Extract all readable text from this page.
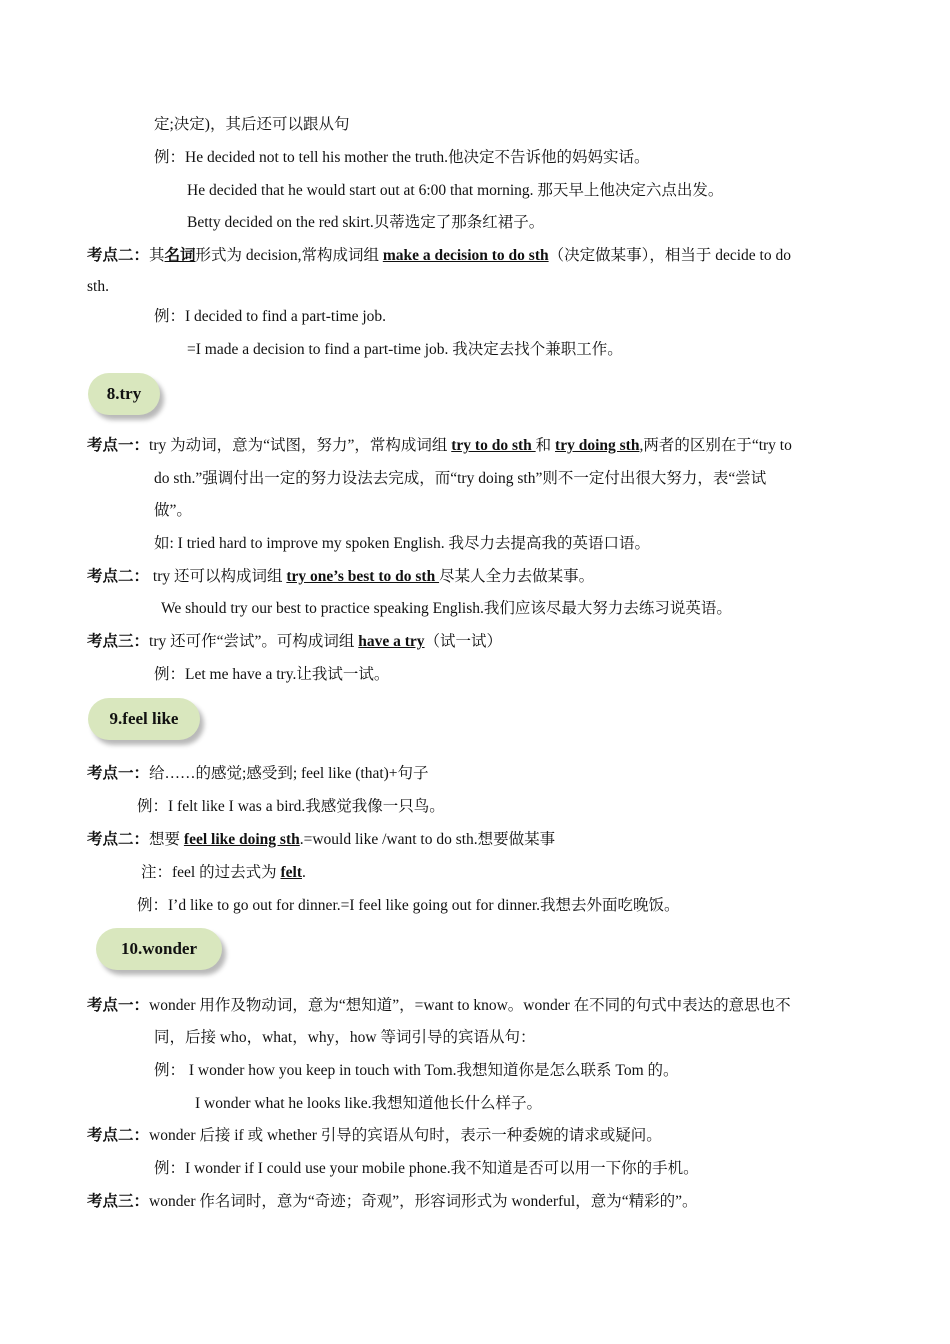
定;决定)，其后还可以跟从句
例：He decided not to tell his mother the truth.他决定不告诉他的妈妈实话。
He decided that he would start out at 6:00 that morning. 那天早上他决定六点出发。
Betty decided on the red skirt.贝蒂选定了那条红裙子。
考点二：其名词形式为 decision,常构成词组 make a decision to do sth（决定做某事），相当于 decide to do
sth.
例：I decided to find a part-time job.
=I made a decision to find a part-time job. 我决定去找个兼职工作。
8.try
考点一：try 为动词，意为“试图，努力”，常构成词组 try to do sth 和 try doing sth,两者的区别在于“try to
do sth.”强调付出一定的努力设法去完成，而“try doing sth”则不一定付出很大努力，表“尝试
做”。
如: I tried hard to improve my spoken English. 我尽力去提高我的英语口语。
考点二： try 还可以构成词组 try one’s best to do sth 尽某人全力去做某事。
We should try our best to practice speaking English.我们应该尽最大努力去练习说英语。
考点三：try 还可作“尝试”。可构成词组 have a try（试一试）
例：Let me have a try.让我试一试。
9.feel like
考点一：给……的感觉;感受到; feel like (that)+句子
例：I felt like I was a bird.我感觉我像一只鸟。
考点二：想要 feel like doing sth.=would like /want to do sth.想要做某事
注：feel 的过去式为 felt.
例：I’d like to go out for dinner.=I feel like going out for dinner.我想去外面吃晚饭。
10.wonder
考点一：wonder 用作及物动词，意为“想知道”，=want to know。wonder 在不同的句式中表达的意思也不
同，后接 who，what，why，how 等词引导的宾语从句：
例： I wonder how you keep in touch with Tom.我想知道你是怎么联系 Tom 的。
I wonder what he looks like.我想知道他长什么样子。
考点二：wonder 后接 if 或 whether 引导的宾语从句时，表示一种委婉的请求或疑问。
例：I wonder if I could use your mobile phone.我不知道是否可以用一下你的手机。
考点三：wonder 作名词时，意为“奇迹；奇观”，形容词形式为 wonderful，意为“精彩的”。
